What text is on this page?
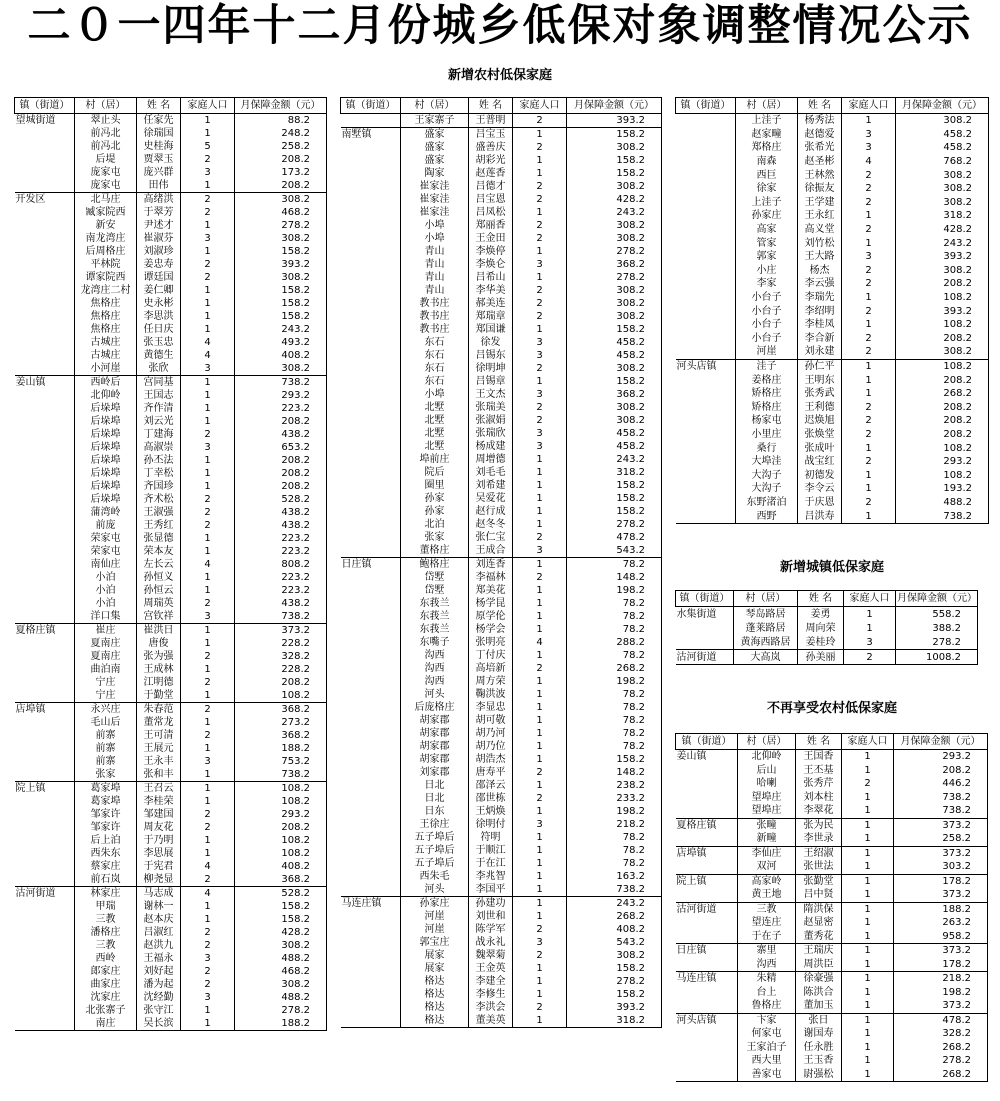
二０一四年十二月份城乡低保对象调整情况公示
新增农村低保家庭
新增城镇低保家庭
不再享受农村低保家庭
镇（街道）	村（居）	姓 名	家庭人口	月保障金额（元）
望城街道	翠止头	任家先	1	88.2
	前冯北	徐瑞国	1	248.2
	前冯北	史桂海	5	258.2
	后堤	贾翠玉	2	208.2
	庞家屯	庞兴群	3	173.2
	庞家屯	田伟	1	208.2
开发区	北马庄	高绪洪	2	308.2
	臧家院西	于翠芳	2	468.2
	新安	尹述才	1	278.2
	南龙湾庄	崔淑芬	3	308.2
	后周格庄	刘淑珍	1	158.2
	平林院	姜忠寿	2	393.2
	谭家院西	谭廷国	2	308.2
	龙湾庄二村	姜仁卿	1	158.2
	焦格庄	史永彬	1	158.2
	焦格庄	李思洪	1	158.2
	焦格庄	任日庆	1	243.2
	古城庄	张玉忠	4	493.2
	古城庄	黄德生	4	408.2
	小河崖	张欣	3	308.2
姜山镇	西岭后	宫同基	1	738.2
	北仰岭	王国志	1	293.2
	后垛埠	齐作清	1	223.2
	后垛埠	刘云光	1	208.2
	后垛埠	丁建海	2	438.2
	后垛埠	高淑崇	3	653.2
	后垛埠	孙丕法	1	208.2
	后垛埠	丁幸松	1	208.2
	后垛埠	齐国珍	1	208.2
	后垛埠	齐术松	2	528.2
	蒲湾岭	王淑强	2	438.2
	前庞	王秀红	2	438.2
	荣家屯	张显德	1	223.2
	荣家屯	荣本友	1	223.2
	南仙庄	左长云	4	808.2
	小泊	孙恒义	1	223.2
	小泊	孙恒云	1	223.2
	小泊	周瑞英	2	438.2
	洋口集	宫钦祥	3	738.2
夏格庄镇	崔庄	崔洪日	1	373.2
	夏南庄	唐俊	1	228.2
	夏南庄	张为强	2	328.2
	曲泊南	王成林	1	228.2
	宁庄	江明德	2	208.2
	宁庄	于勤堂	1	108.2
店埠镇	永兴庄	朱春范	2	368.2
	毛山后	董常龙	1	273.2
	前寨	王可清	2	368.2
	前寨	王展元	1	188.2
	前寨	王永丰	3	753.2
	张家	张和丰	1	738.2
院上镇	葛家埠	王召云	1	108.2
	葛家埠	李桂荣	1	108.2
	邹家许	邹建国	2	293.2
	邹家许	周友花	2	208.2
	后上泊	于乃明	1	108.2
	西朱东	李思展	1	108.2
	蔡家庄	于宪君	4	408.2
	前石岚	柳尧显	2	368.2
沽河街道	林家庄	马志成	4	528.2
	甲瑞	谢林一	1	158.2
	三教	赵本庆	1	158.2
	潘格庄	吕淑红	2	428.2
	三教	赵洪九	2	308.2
	西岭	王福永	3	488.2
	郎家庄	刘好起	2	468.2
	曲家庄	潘为起	2	308.2
	沈家庄	沈经勤	3	488.2
	北张寨子	张守江	1	278.2
	南庄	吴长滨	1	188.2
镇（街道）	村（居）	姓 名	家庭人口	月保障金额（元）
	王家寨子	王普明	2	393.2
南墅镇	盛家	吕宝玉	1	158.2
	盛家	盛善庆	2	308.2
	盛家	胡彩光	1	158.2
	陶家	赵莲香	1	158.2
	崔家洼	吕德才	2	308.2
	崔家洼	吕宝恩	2	428.2
	崔家洼	吕凤松	1	243.2
	小埠	郑丽香	2	308.2
	小埠	王金田	2	308.2
	青山	李焕停	1	278.2
	青山	李焕仑	3	368.2
	青山	吕希山	1	278.2
	青山	李华美	2	308.2
	教书庄	郝美连	2	308.2
	教书庄	郑瑞章	2	308.2
	教书庄	郑国谦	1	158.2
	东石	徐发	3	458.2
	东石	吕锡东	3	458.2
	东石	徐明坤	2	308.2
	东石	吕锡章	1	158.2
	小埠	王文杰	3	368.2
	北墅	张瑞美	2	308.2
	北墅	张淑娟	2	308.2
	北墅	张瑞欣	3	458.2
	北墅	杨成建	3	458.2
	埠前庄	周增德	1	243.2
	院后	刘毛毛	1	318.2
	圈里	刘希建	1	158.2
	孙家	吴爱花	1	158.2
	孙家	赵行成	1	158.2
	北泊	赵冬冬	1	278.2
	张家	张仁宝	2	478.2
	董格庄	王成合	3	543.2
日庄镇	鲍格庄	刘连香	1	78.2
	岱墅	李福林	2	148.2
	岱墅	郑美花	1	198.2
	东莪兰	杨学昆	1	78.2
	东莪兰	原学伦	1	78.2
	东莪兰	杨学会	1	78.2
	东嘴子	张明亮	4	288.2
	沟西	丁付庆	1	78.2
	沟西	高培新	2	268.2
	沟西	周方荣	1	198.2
	河头	鞠洪波	1	78.2
	后庞格庄	李显忠	1	78.2
	胡家郡	胡可敬	1	78.2
	胡家郡	胡乃河	1	78.2
	胡家郡	胡乃位	1	78.2
	胡家郡	胡浩杰	1	158.2
	刘家郡	唐寿平	2	148.2
	日北	邵泽云	1	238.2
	日北	邵世栋	2	233.2
	日东	王炳焕	1	198.2
	王徐庄	徐明付	3	218.2
	五子埠后	符明	1	78.2
	五子埠后	于顺江	1	78.2
	五子埠后	于在江	1	78.2
	西朱毛	李兆智	1	163.2
	河头	李国平	1	738.2
马连庄镇	孙家庄	孙建功	1	243.2
	河崖	刘世和	1	268.2
	河崖	陈学军	2	408.2
	郭宝庄	战永礼	3	543.2
	展家	魏翠菊	2	308.2
	展家	王金英	1	158.2
	格达	李建全	1	278.2
	格达	李修生	1	158.2
	格达	李洪会	2	393.2
	格达	董美英	1	318.2
镇（街道）	村（居）	姓 名	家庭人口	月保障金额（元）
	上洼子	杨秀法	1	308.2
	赵家疃	赵德爱	3	458.2
	郑格庄	张希光	3	458.2
	南森	赵圣彬	4	768.2
	西巨	王林然	2	308.2
	徐家	徐振友	2	308.2
	上洼子	王学建	2	308.2
	孙家庄	王永红	1	318.2
	高家	高义堂	2	428.2
	管家	刘竹松	1	243.2
	郭家	王大路	3	393.2
	小庄	杨杰	2	308.2
	李家	李云强	2	208.2
	小台子	李瑞先	1	108.2
	小台子	李绍明	2	393.2
	小台子	李桂凤	1	108.2
	小台子	李合新	2	208.2
	河崖	刘永建	2	308.2
河头店镇	洼子	孙仁平	1	108.2
	姜格庄	王明东	1	208.2
	矫格庄	张秀武	1	268.2
	矫格庄	王利德	2	208.2
	杨家屯	迟焕旭	2	208.2
	小里庄	张焕堂	2	208.2
	桑行	张成叶	1	108.2
	大埠洼	战宝红	2	293.2
	大沟子	初德发	1	108.2
	大沟子	李令云	1	193.2
	东野渚泊	于庆恩	2	488.2
	西野	吕洪寿	1	738.2
镇（街道）	村（居）	姓 名	家庭人口	月保障金额（元）
水集街道	琴岛路居	姜勇	1	558.2
	蓬莱路居	周向荣	1	388.2
	黄海西路居	姜桂玲	3	278.2
沽河街道	大高岚	孙美丽	2	1008.2
镇（街道）	村（居）	姓 名	家庭人口	月保障金额（元）
姜山镇	北仰岭	王国香	1	293.2
	后山	王丕基	1	208.2
	哈喇	张秀芹	2	446.2
	望埠庄	刘本柱	1	738.2
	望埠庄	李翠花	1	738.2
夏格庄镇	张疃	张为民	1	373.2
	新疃	李世录	1	258.2
店埠镇	李仙庄	王绍淑	1	373.2
	双河	张世法	1	303.2
院上镇	高家岭	张勤堂	1	178.2
	黄王地	吕中贤	1	373.2
沽河街道	三教	隋洪保	1	188.2
	望连庄	赵显密	1	263.2
	于在子	董秀花	1	958.2
日庄镇	寨里	王瑞庆	1	373.2
	沟西	周洪臣	1	178.2
马连庄镇	朱精	徐豪强	1	218.2
	台上	陈洪合	1	198.2
	鲁格庄	董加玉	1	373.2
河头店镇	卞家	张日	1	478.2
	何家屯	谢国寿	1	328.2
	王家泊子	任永胜	1	268.2
	西大里	王玉香	1	278.2
	善家屯	尉强松	1	268.2
